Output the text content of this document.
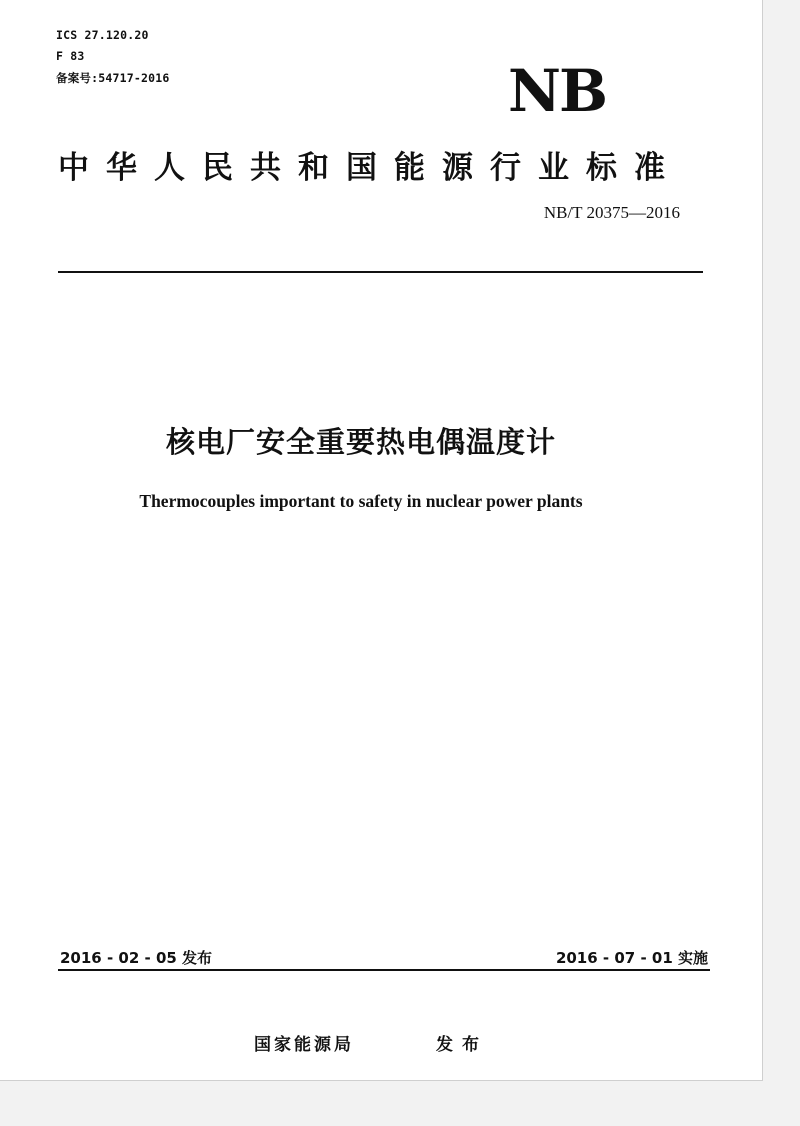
ICS 27.120.20
F 83
备案号:54717-2016	NB
中华人民共和国能源行业标准
NB/T 20375—2016
核电厂安全重要热电偶温度计
Thermocouples important to safety in nuclear power plants
2016 - 02 - 05 发布	2016 - 07 - 01 实施
国家能源局	发布
